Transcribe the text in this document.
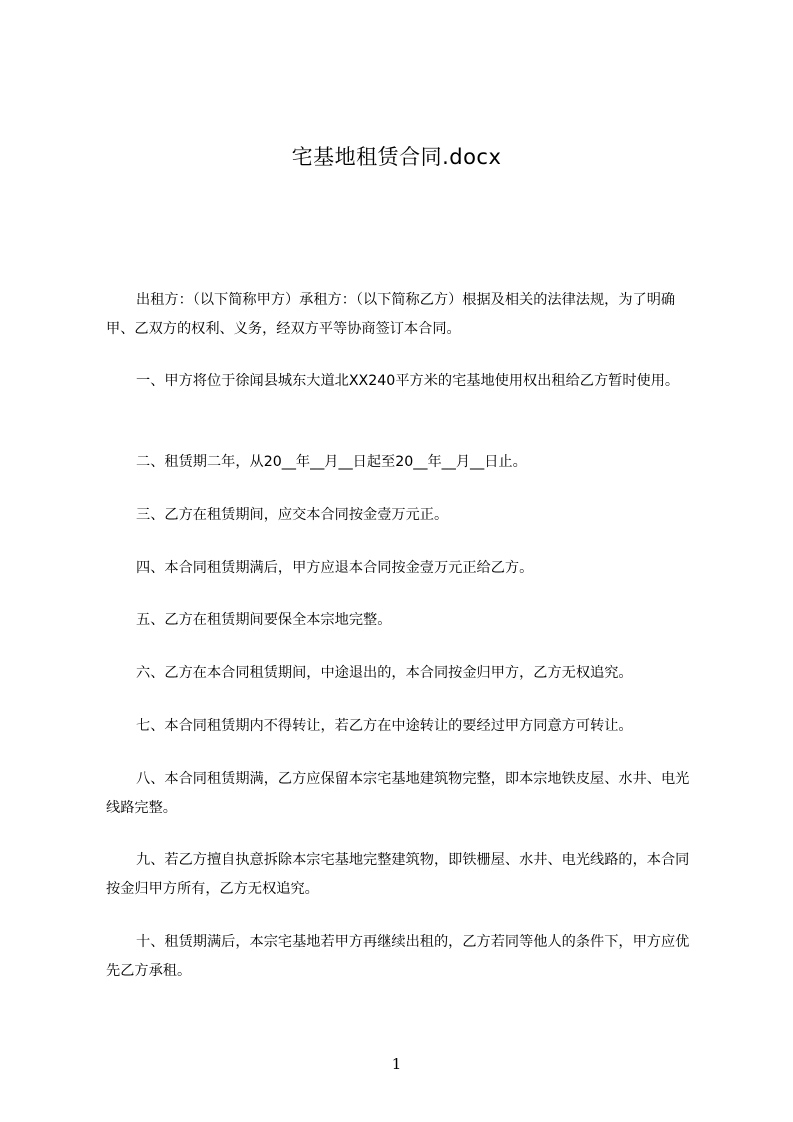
宅基地租赁合同.docx

出租方：（以下简称甲方）承租方：（以下简称乙方）根据及相关的法律法规，为了明确甲、乙双方的权利、义务，经双方平等协商签订本合同。

一、甲方将位于徐闻县城东大道北XX240平方米的宅基地使用权出租给乙方暂时使用。

二、租赁期二年，从20__年__月__日起至20__年__月__日止。

三、乙方在租赁期间，应交本合同按金壹万元正。

四、本合同租赁期满后，甲方应退本合同按金壹万元正给乙方。

五、乙方在租赁期间要保全本宗地完整。

六、乙方在本合同租赁期间，中途退出的，本合同按金归甲方，乙方无权追究。

七、本合同租赁期内不得转让，若乙方在中途转让的要经过甲方同意方可转让。

八、本合同租赁期满，乙方应保留本宗宅基地建筑物完整，即本宗地铁皮屋、水井、电光线路完整。

九、若乙方擅自执意拆除本宗宅基地完整建筑物，即铁栅屋、水井、电光线路的，本合同按金归甲方所有，乙方无权追究。

十、租赁期满后，本宗宅基地若甲方再继续出租的，乙方若同等他人的条件下，甲方应优先乙方承租。

1
